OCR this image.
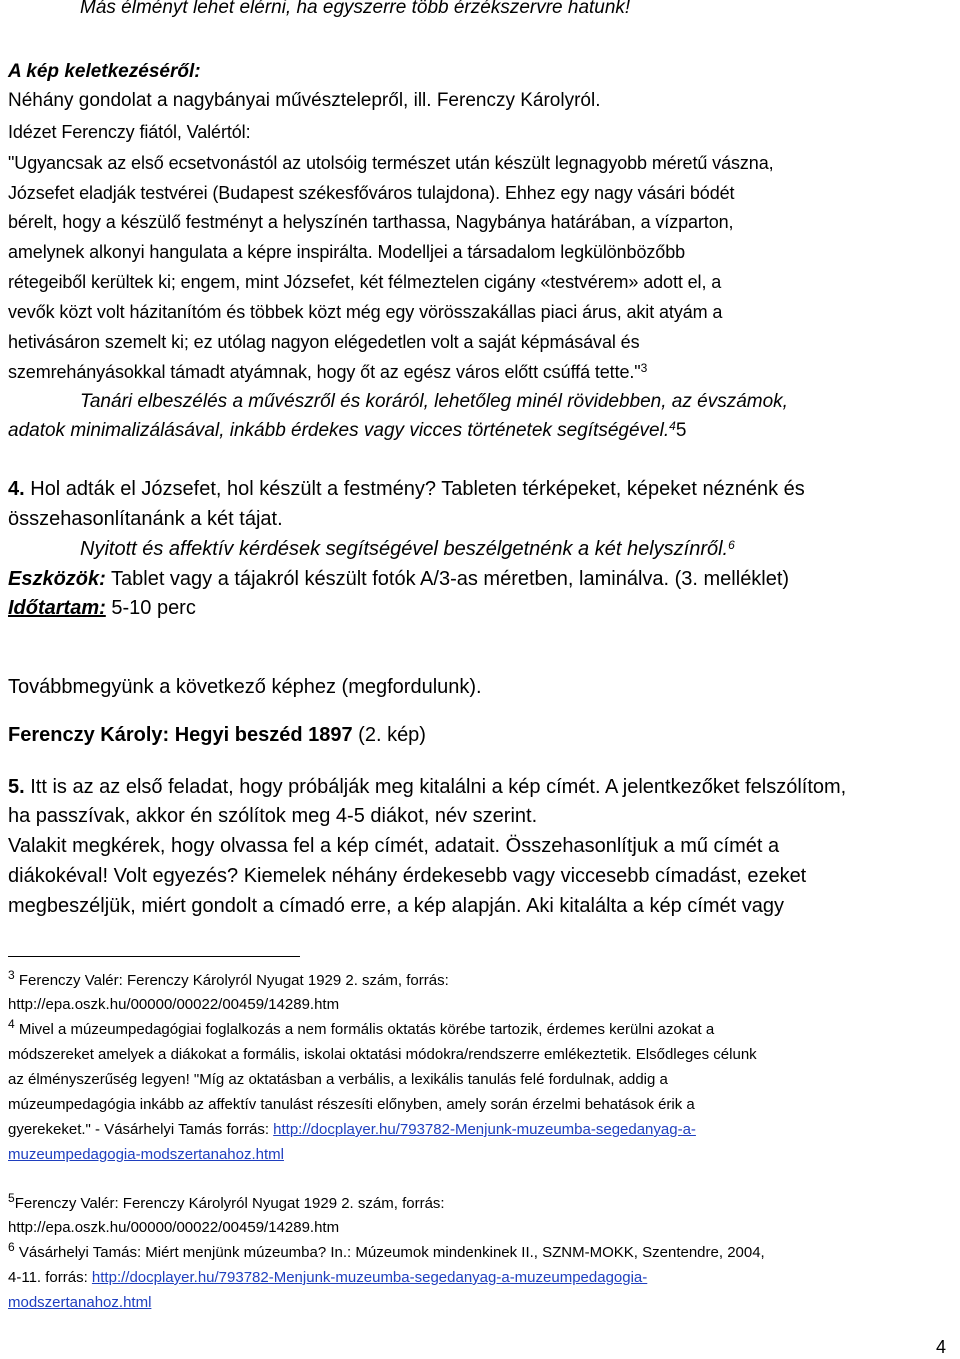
Más élményt lehet elérni, ha egyszerre több érzékszervre hatunk!
A kép keletkezéséről:
Néhány gondolat a nagybányai művésztelepről, ill. Ferenczy Károlyról.
Idézet Ferenczy fiától, Valértól:
"Ugyancsak az első ecsetvonástól az utolsóig természet után készült legnagyobb méretű vászna,
Józsefet eladják testvérei (Budapest székesfőváros tulajdona). Ehhez egy nagy vásári bódét
bérelt, hogy a készülő festményt a helyszínén tarthassa, Nagybánya határában, a vízparton,
amelynek alkonyi hangulata a képre inspirálta. Modelljei a társadalom legkülönbözőbb
rétegeiből kerültek ki; engem, mint Józsefet, két félmeztelen cigány «testvérem» adott el, a
vevők közt volt házitanítóm és többek közt még egy vörösszakállas piaci árus, akit atyám a
hetivásáron szemelt ki; ez utólag nagyon elégedetlen volt a saját képmásával és
szemrehányásokkal támadt atyámnak, hogy őt az egész város előtt csúffá tette."$^3$
Tanári elbeszélés a művészről és koráról, lehetőleg minél rövidebben, az évszámok,
adatok minimalizálásával, inkább érdekes vagy vicces történetek segítségével.$^4$5
4. Hol adták el Józsefet, hol készült a festmény? Tableten térképeket, képeket néznénk és
összehasonlítanánk a két tájat.
Nyitott és affektív kérdések segítségével beszélgetnénk a két helyszínről.$^6$
Eszközök: Tablet vagy a tájakról készült fotók A/3-as méretben, laminálva. (3. melléklet)
Időtartam: 5-10 perc
Továbbmegyünk a következő képhez (megfordulunk).
Ferenczy Károly: Hegyi beszéd 1897 (2. kép)
5. Itt is az az első feladat, hogy próbálják meg kitalálni a kép címét. A jelentkezőket felszólítom,
ha passzívak, akkor én szólítok meg 4-5 diákot, név szerint.
Valakit megkérek, hogy olvassa fel a kép címét, adatait. Összehasonlítjuk a mű címét a
diákokéval! Volt egyezés? Kiemelek néhány érdekesebb vagy viccesebb címadást, ezeket
megbeszéljük, miért gondolt a címadó erre, a kép alapján. Aki kitalálta a kép címét vagy
$^3$ Ferenczy Valér: Ferenczy Károlyról Nyugat 1929 2. szám, forrás:
http://epa.oszk.hu/00000/00022/00459/14289.htm
$^4$ Mivel a múzeumpedagógiai foglalkozás a nem formális oktatás körébe tartozik, érdemes kerülni azokat a
módszereket amelyek a diákokat a formális, iskolai oktatási módokra/rendszerre emlékeztetik. Elsődleges célunk
az élményszerűség legyen! "Míg az oktatásban a verbális, a lexikális tanulás felé fordulnak, addig a
múzeumpedagógia inkább az affektív tanulást részesíti előnyben, amely során érzelmi behatások érik a
gyerekeket." - Vásárhelyi Tamás forrás: http://docplayer.hu/793782-Menjunk-muzeumba-segedanyag-a-
muzeumpedagogia-modszertanahoz.html
$^5$Ferenczy Valér: Ferenczy Károlyról Nyugat 1929 2. szám, forrás:
http://epa.oszk.hu/00000/00022/00459/14289.htm
$^6$ Vásárhelyi Tamás: Miért menjünk múzeumba? In.: Múzeumok mindenkinek II., SZNM-MOKK, Szentendre, 2004,
4-11. forrás: http://docplayer.hu/793782-Menjunk-muzeumba-segedanyag-a-muzeumpedagogia-
modszertanahoz.html
4
